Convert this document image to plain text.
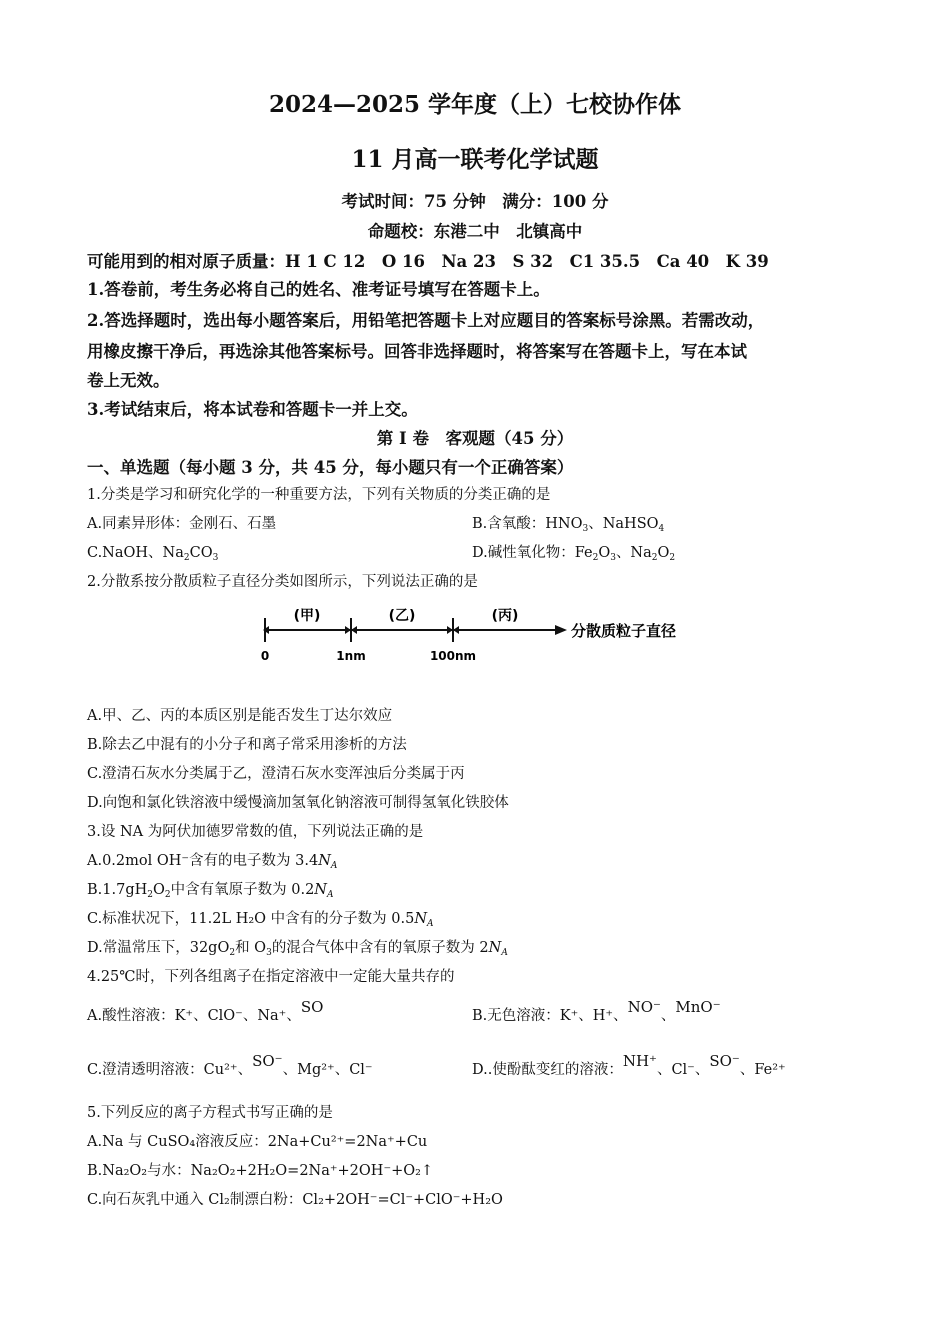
2024—2025 学年度（上）七校协作体
11 月高一联考化学试题
考试时间：75 分钟　满分：100 分
命题校：东港二中　北镇高中
可能用到的相对原子质量：H 1 C 12　O 16　Na 23　S 32　C1 35.5　Ca 40　K 39
1.答卷前，考生务必将自己的姓名、准考证号填写在答题卡上。
2.答选择题时，选出每小题答案后，用铅笔把答题卡上对应题目的答案标号涂黑。若需改动，
用橡皮擦干净后，再选涂其他答案标号。回答非选择题时，将答案写在答题卡上，写在本试
卷上无效。
3.考试结束后，将本试卷和答题卡一并上交。
第 I 卷　客观题（45 分）
一、单选题（每小题 3 分，共 45 分，每小题只有一个正确答案）
1.分类是学习和研究化学的一种重要方法，下列有关物质的分类正确的是
A.同素异形体：金刚石、石墨	B.含氧酸：$HNO_3$、NaHSO$_4$
C.NaOH、$Na_2CO_3$	D.碱性氧化物：$Fe_2O_3$、$Na_2O_2$
2.分散系按分散质粒子直径分类如图所示，下列说法正确的是
(甲)	(乙)	(丙)
0	1nm	100nm
分散质粒子直径
A.甲、乙、丙的本质区别是能否发生丁达尔效应
B.除去乙中混有的小分子和离子常采用渗析的方法
C.澄清石灰水分类属于乙，澄清石灰水变浑浊后分类属于丙
D.向饱和氯化铁溶液中缓慢滴加氢氧化钠溶液可制得氢氧化铁胶体
3.设 NA 为阿伏加德罗常数的值，下列说法正确的是
A.0.2mol OH⁻含有的电子数为 $3.4N_A$
$B.1.7gH_2O_2$中含有氧原子数为 $0.2N_A$
C.标准状况下，11.2L H₂O 中含有的分子数为 $0.5N_A$
D.常温常压下，$32gO_2$和 $O_3$的混合气体中含有的氧原子数为 $2N_A$
4.25℃时，下列各组离子在指定溶液中一定能大量共存的
A.酸性溶液：K⁺、ClO⁻、Na⁺、SO	B.无色溶液：K⁺、H⁺、NO⁻、MnO⁻
C.澄清透明溶液：Cu²⁺、SO⁻、Mg²⁺、Cl⁻	D..使酚酞变红的溶液：NH⁺、Cl⁻、SO⁻、Fe²⁺
5.下列反应的离子方程式书写正确的是
A.Na 与 CuSO₄溶液反应：2Na+Cu²⁺=2Na⁺+Cu
B.Na₂O₂与水：Na₂O₂+2H₂O=2Na⁺+2OH⁻+O₂↑
C.向石灰乳中通入 Cl₂制漂白粉：Cl₂+2OH⁻=Cl⁻+ClO⁻+H₂O
